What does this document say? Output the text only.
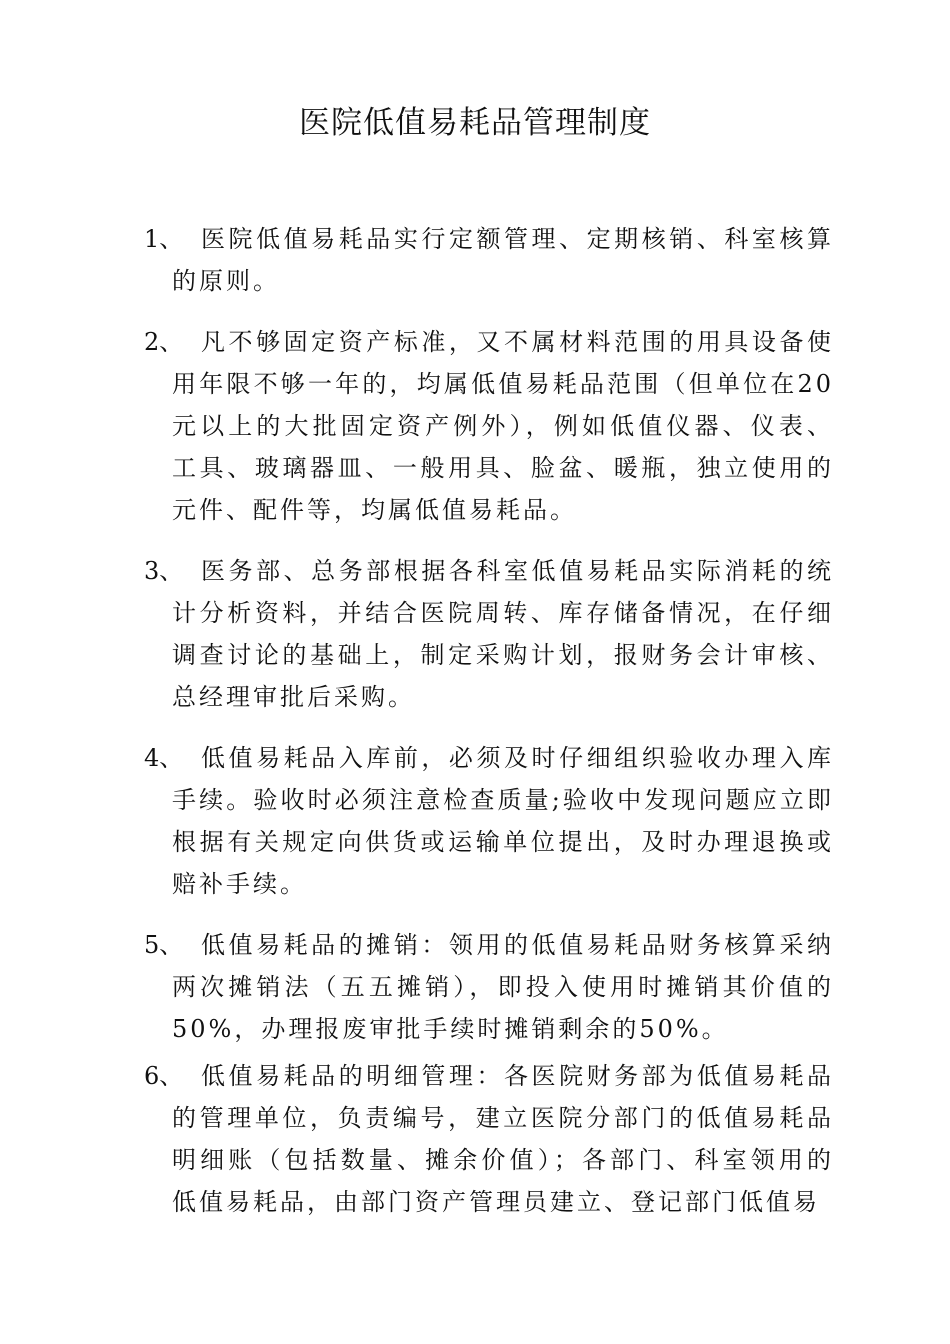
医院低值易耗品管理制度
1、 医院低值易耗品实行定额管理、定期核销、科室核算的原则。
2、 凡不够固定资产标准，又不属材料范围的用具设备使用年限不够一年的，均属低值易耗品范围（但单位在20元以上的大批固定资产例外），例如低值仪器、仪表、工具、玻璃器皿、一般用具、脸盆、暖瓶，独立使用的元件、配件等，均属低值易耗品。
3、 医务部、总务部根据各科室低值易耗品实际消耗的统计分析资料，并结合医院周转、库存储备情况，在仔细调查讨论的基础上，制定采购计划，报财务会计审核、总经理审批后采购。
4、 低值易耗品入库前，必须及时仔细组织验收办理入库手续。验收时必须注意检查质量;验收中发现问题应立即根据有关规定向供货或运输单位提出，及时办理退换或赔补手续。
5、 低值易耗品的摊销：领用的低值易耗品财务核算采纳两次摊销法（五五摊销），即投入使用时摊销其价值的50%，办理报废审批手续时摊销剩余的50%。
6、 低值易耗品的明细管理：各医院财务部为低值易耗品的管理单位，负责编号，建立医院分部门的低值易耗品明细账（包括数量、摊余价值）；各部门、科室领用的低值易耗品，由部门资产管理员建立、登记部门低值易
